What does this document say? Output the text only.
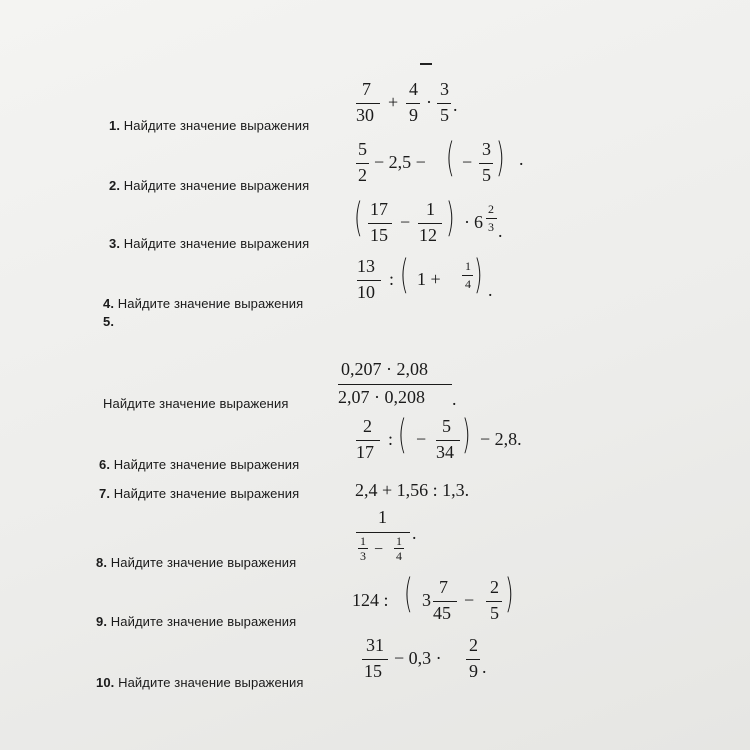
1. Найдите значение выражения
7
30
+
4
9
·
3
5 .
2. Найдите значение выражения
5
2
− 2,5 − ( −
3
5 ) .
3. Найдите значение выражения
( 17
15
−
1
12 ) · 6
2
3 .
4. Найдите значение выражения
13
10
: ( 1 +
1
4 ) .
5.
Найдите значение выражения
0,207 · 2,08
2,07 · 0,208 .
6. Найдите значение выражения
2
17
: ( −
5
34 ) − 2,8.
7. Найдите значение выражения	2,4 + 1,56 : 1,3.
8. Найдите значение выражения
1
1
3 − 1
4
.
9. Найдите значение выражения
124 : ( 3
7
45
−
2
5 )
10. Найдите значение выражения
31
15
− 0,3 ·
2
9 .
